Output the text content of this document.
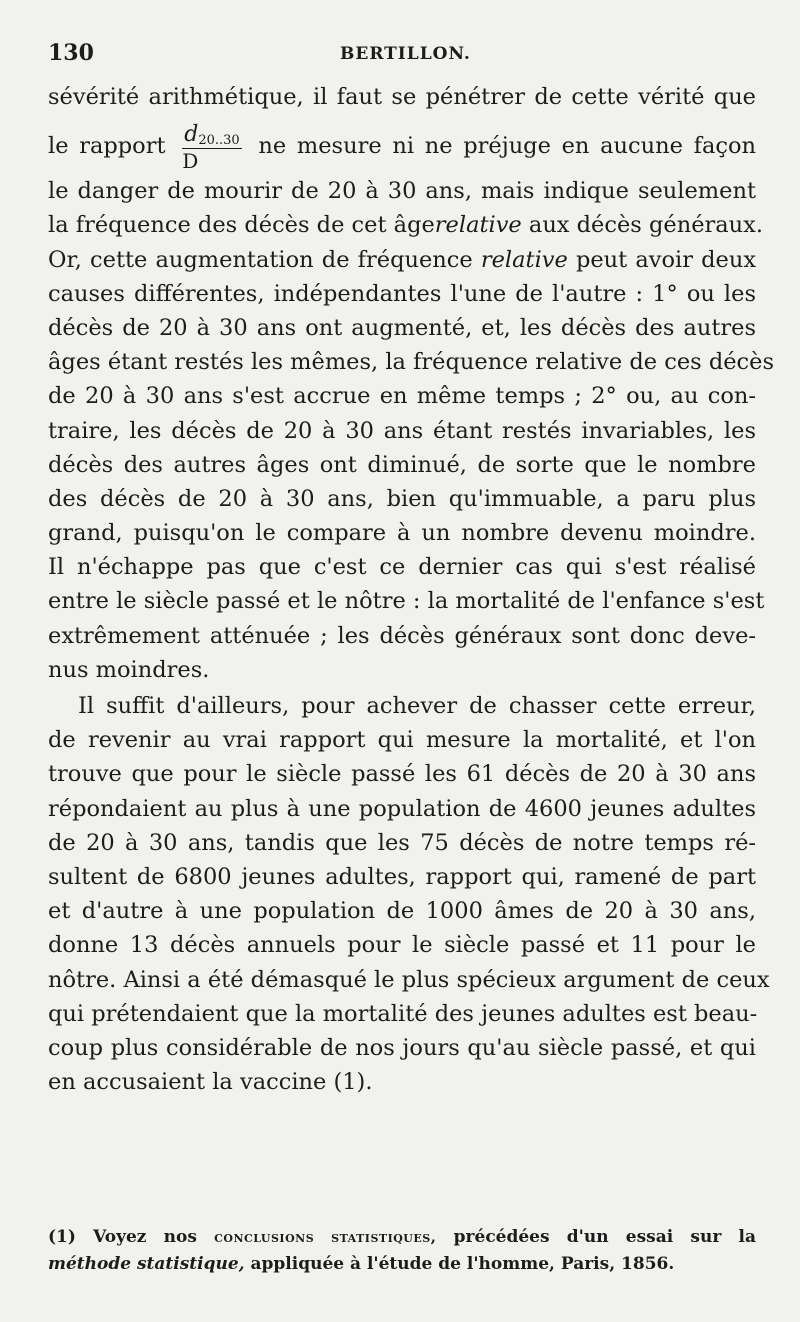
130	BERTILLON.
sévérité arithmétique, il faut se pénétrer de cette vérité que
le rapport $\frac{d_{20..30}}{D}$ ne mesure ni ne préjuge en aucune façon
le danger de mourir de 20 à 30 ans, mais indique seulement
la fréquence des décès de cet âgerelative aux décès généraux.
Or, cette augmentation de fréquence relative peut avoir deux
causes différentes, indépendantes l'une de l'autre : 1° ou les
décès de 20 à 30 ans ont augmenté, et, les décès des autres
âges étant restés les mêmes, la fréquence relative de ces décès
de 20 à 30 ans s'est accrue en même temps ; 2° ou, au con-
traire, les décès de 20 à 30 ans étant restés invariables, les
décès des autres âges ont diminué, de sorte que le nombre
des décès de 20 à 30 ans, bien qu'immuable, a paru plus
grand, puisqu'on le compare à un nombre devenu moindre.
Il n'échappe pas que c'est ce dernier cas qui s'est réalisé
entre le siècle passé et le nôtre : la mortalité de l'enfance s'est
extrêmement atténuée ; les décès généraux sont donc deve-
nus moindres.
Il suffit d'ailleurs, pour achever de chasser cette erreur,
de revenir au vrai rapport qui mesure la mortalité, et l'on
trouve que pour le siècle passé les 61 décès de 20 à 30 ans
répondaient au plus à une population de 4600 jeunes adultes
de 20 à 30 ans, tandis que les 75 décès de notre temps ré-
sultent de 6800 jeunes adultes, rapport qui, ramené de part
et d'autre à une population de 1000 âmes de 20 à 30 ans,
donne 13 décès annuels pour le siècle passé et 11 pour le
nôtre. Ainsi a été démasqué le plus spécieux argument de ceux
qui prétendaient que la mortalité des jeunes adultes est beau-
coup plus considérable de nos jours qu'au siècle passé, et qui
en accusaient la vaccine (1).
(1) Voyez nos conclusions statistiques, précédées d'un essai sur la
méthode statistique, appliquée à l'étude de l'homme, Paris, 1856.
